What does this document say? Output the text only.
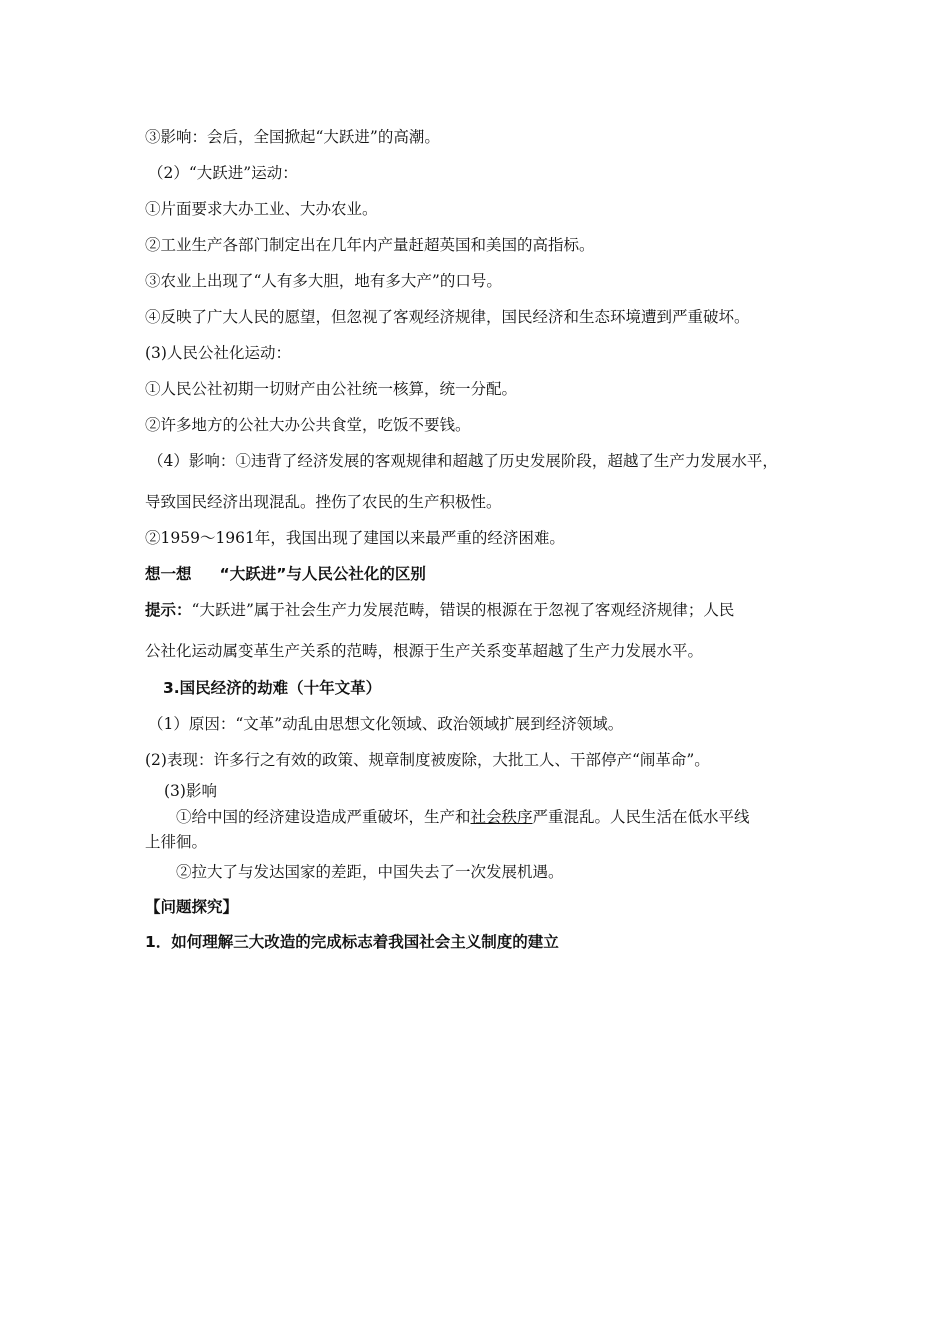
③影响：会后，全国掀起“大跃进”的高潮。
（2）“大跃进”运动：
①片面要求大办工业、大办农业。
②工业生产各部门制定出在几年内产量赶超英国和美国的高指标。
③农业上出现了“人有多大胆，地有多大产”的口号。
④反映了广大人民的愿望，但忽视了客观经济规律，国民经济和生态环境遭到严重破坏。
(3)人民公社化运动：
①人民公社初期一切财产由公社统一核算，统一分配。
②许多地方的公社大办公共食堂，吃饭不要钱。
（4）影响：①违背了经济发展的客观规律和超越了历史发展阶段，超越了生产力发展水平，
导致国民经济出现混乱。挫伤了农民的生产积极性。
②1959～1961年，我国出现了建国以来最严重的经济困难。
想一想 “大跃进”与人民公社化的区别
提示：“大跃进”属于社会生产力发展范畴，错误的根源在于忽视了客观经济规律；人民
公社化运动属变革生产关系的范畴，根源于生产关系变革超越了生产力发展水平。
3.国民经济的劫难（十年文革）
（1）原因：“文革”动乱由思想文化领域、政治领域扩展到经济领域。
(2)表现：许多行之有效的政策、规章制度被废除，大批工人、干部停产“闹革命”。
(3)影响
①给中国的经济建设造成严重破坏，生产和社会秩序严重混乱。人民生活在低水平线
上徘徊。
②拉大了与发达国家的差距，中国失去了一次发展机遇。
【问题探究】
1．如何理解三大改造的完成标志着我国社会主义制度的建立
